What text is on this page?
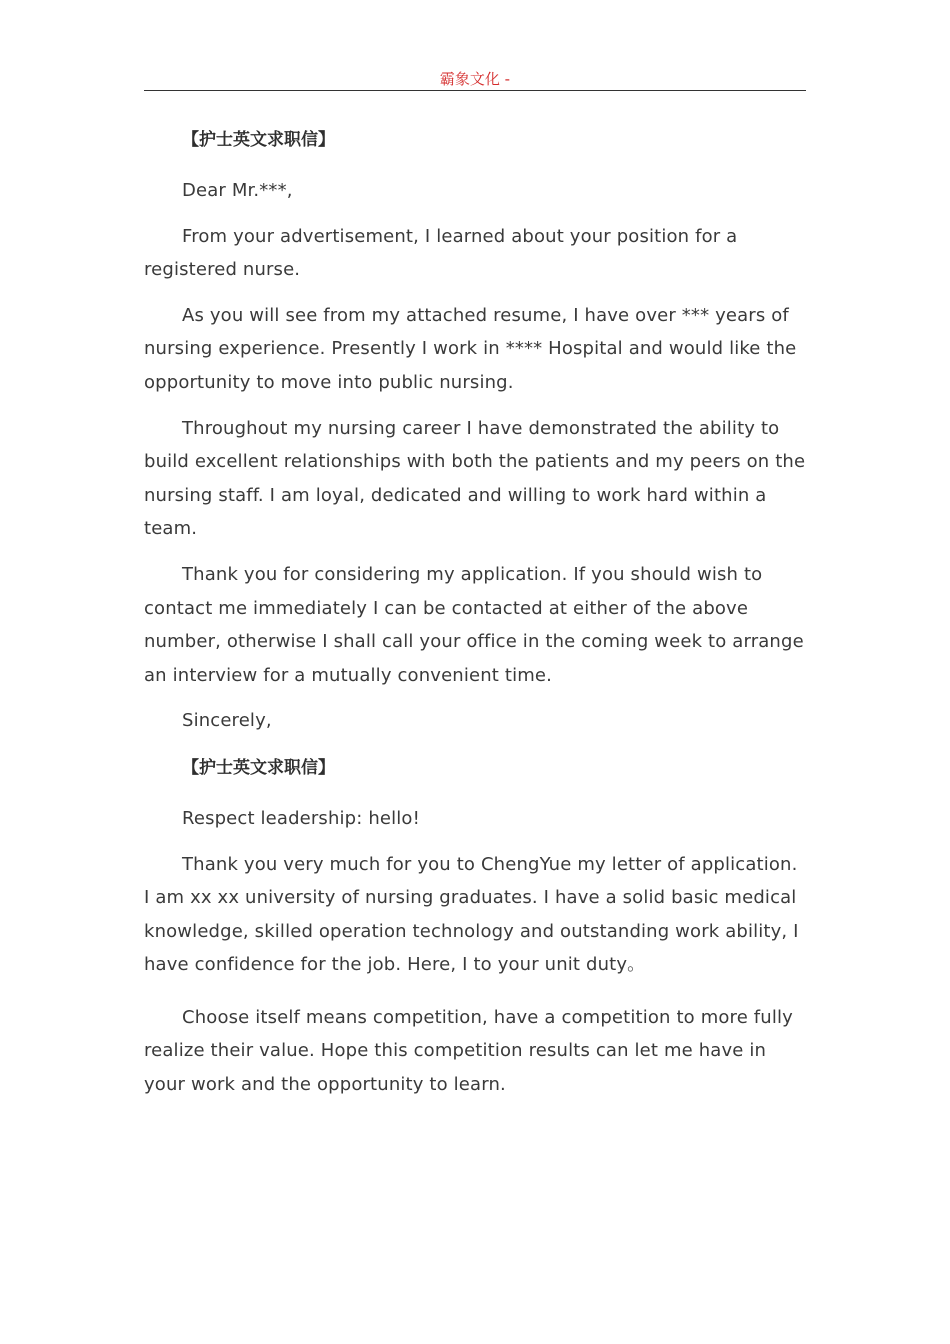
霸象文化 -

【护士英文求职信】

Dear Mr.***,

From your advertisement, I learned about your position for a registered nurse.

As you will see from my attached resume, I have over *** years of nursing experience. Presently I work in **** Hospital and would like the opportunity to move into public nursing.

Throughout my nursing career I have demonstrated the ability to build excellent relationships with both the patients and my peers on the nursing staff. I am loyal, dedicated and willing to work hard within a team.

Thank you for considering my application. If you should wish to contact me immediately I can be contacted at either of the above number, otherwise I shall call your office in the coming week to arrange an interview for a mutually convenient time.

Sincerely,

【护士英文求职信】

Respect leadership: hello!

Thank you very much for you to ChengYue my letter of application. I am xx xx university of nursing graduates. I have a solid basic medical knowledge, skilled operation technology and outstanding work ability, I have confidence for the job. Here, I to your unit duty。

Choose itself means competition, have a competition to more fully realize their value. Hope this competition results can let me have in your work and the opportunity to learn.
